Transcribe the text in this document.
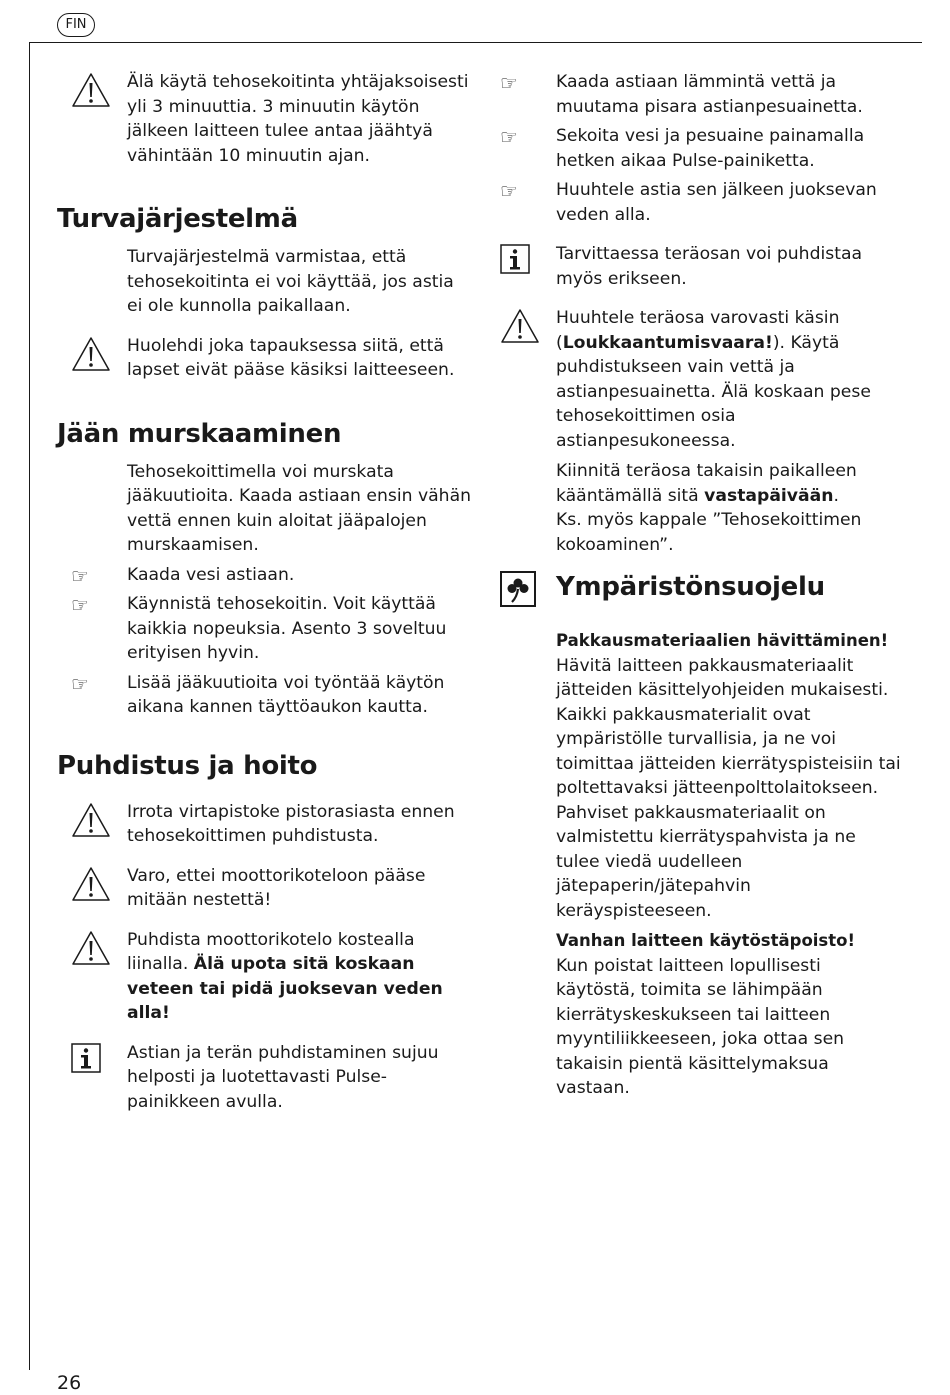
FIN

Älä käytä tehosekoitinta yhtäjaksoisesti yli 3 minuuttia. 3 minuutin käytön jälkeen laitteen tulee antaa jäähtyä vähintään 10 minuutin ajan.

Turvajärjestelmä

Turvajärjestelmä varmistaa, että tehosekoitinta ei voi käyttää, jos astia ei ole kunnolla paikallaan.

Huolehdi joka tapauksessa siitä, että lapset eivät pääse käsiksi laitteeseen.

Jään murskaaminen

Tehosekoittimella voi murskata jääkuutioita. Kaada astiaan ensin vähän vettä ennen kuin aloitat jääpalojen murskaamisen.

☞ Kaada vesi astiaan.

☞ Käynnistä tehosekoitin. Voit käyttää kaikkia nopeuksia. Asento 3 soveltuu erityisen hyvin.

☞ Lisää jääkuutioita voi työntää käytön aikana kannen täyttöaukon kautta.

Puhdistus ja hoito

Irrota virtapistoke pistorasiasta ennen tehosekoittimen puhdistusta.

Varo, ettei moottorikoteloon pääse mitään nestettä!

Puhdista moottorikotelo kostealla liinalla. Älä upota sitä koskaan veteen tai pidä juoksevan veden alla!

Astian ja terän puhdistaminen sujuu helposti ja luotettavasti Pulse-painikkeen avulla.

☞ Kaada astiaan lämmintä vettä ja muutama pisara astianpesuainetta.

☞ Sekoita vesi ja pesuaine painamalla hetken aikaa Pulse-painiketta.

☞ Huuhtele astia sen jälkeen juoksevan veden alla.

Tarvittaessa teräosan voi puhdistaa myös erikseen.

Huuhtele teräosa varovasti käsin (Loukkaantumisvaara!). Käytä puhdistukseen vain vettä ja astianpesuainetta. Älä koskaan pese tehosekoittimen osia astianpesukoneessa.

Kiinnitä teräosa takaisin paikalleen kääntämällä sitä vastapäivään.

Ks. myös kappale ”Tehosekoittimen kokoaminen”.

Ympäristönsuojelu

Pakkausmateriaalien hävittäminen!

Hävitä laitteen pakkausmateriaalit jätteiden käsittelyohjeiden mukaisesti. Kaikki pakkausmaterialit ovat ympäristölle turvallisia, ja ne voi toimittaa jätteiden kierrätyspisteisiin tai poltettavaksi jätteenpolttolaitokseen. Pahviset pakkausmateriaalit on valmistettu kierrätyspahvista ja ne tulee viedä uudelleen jätepaperin/jätepahvin keräyspisteeseen.

Vanhan laitteen käytöstäpoisto!

Kun poistat laitteen lopullisesti käytöstä, toimita se lähimpään kierrätyskeskukseen tai laitteen myyntiliikkeeseen, joka ottaa sen takaisin pientä käsittelymaksua vastaan.

26
